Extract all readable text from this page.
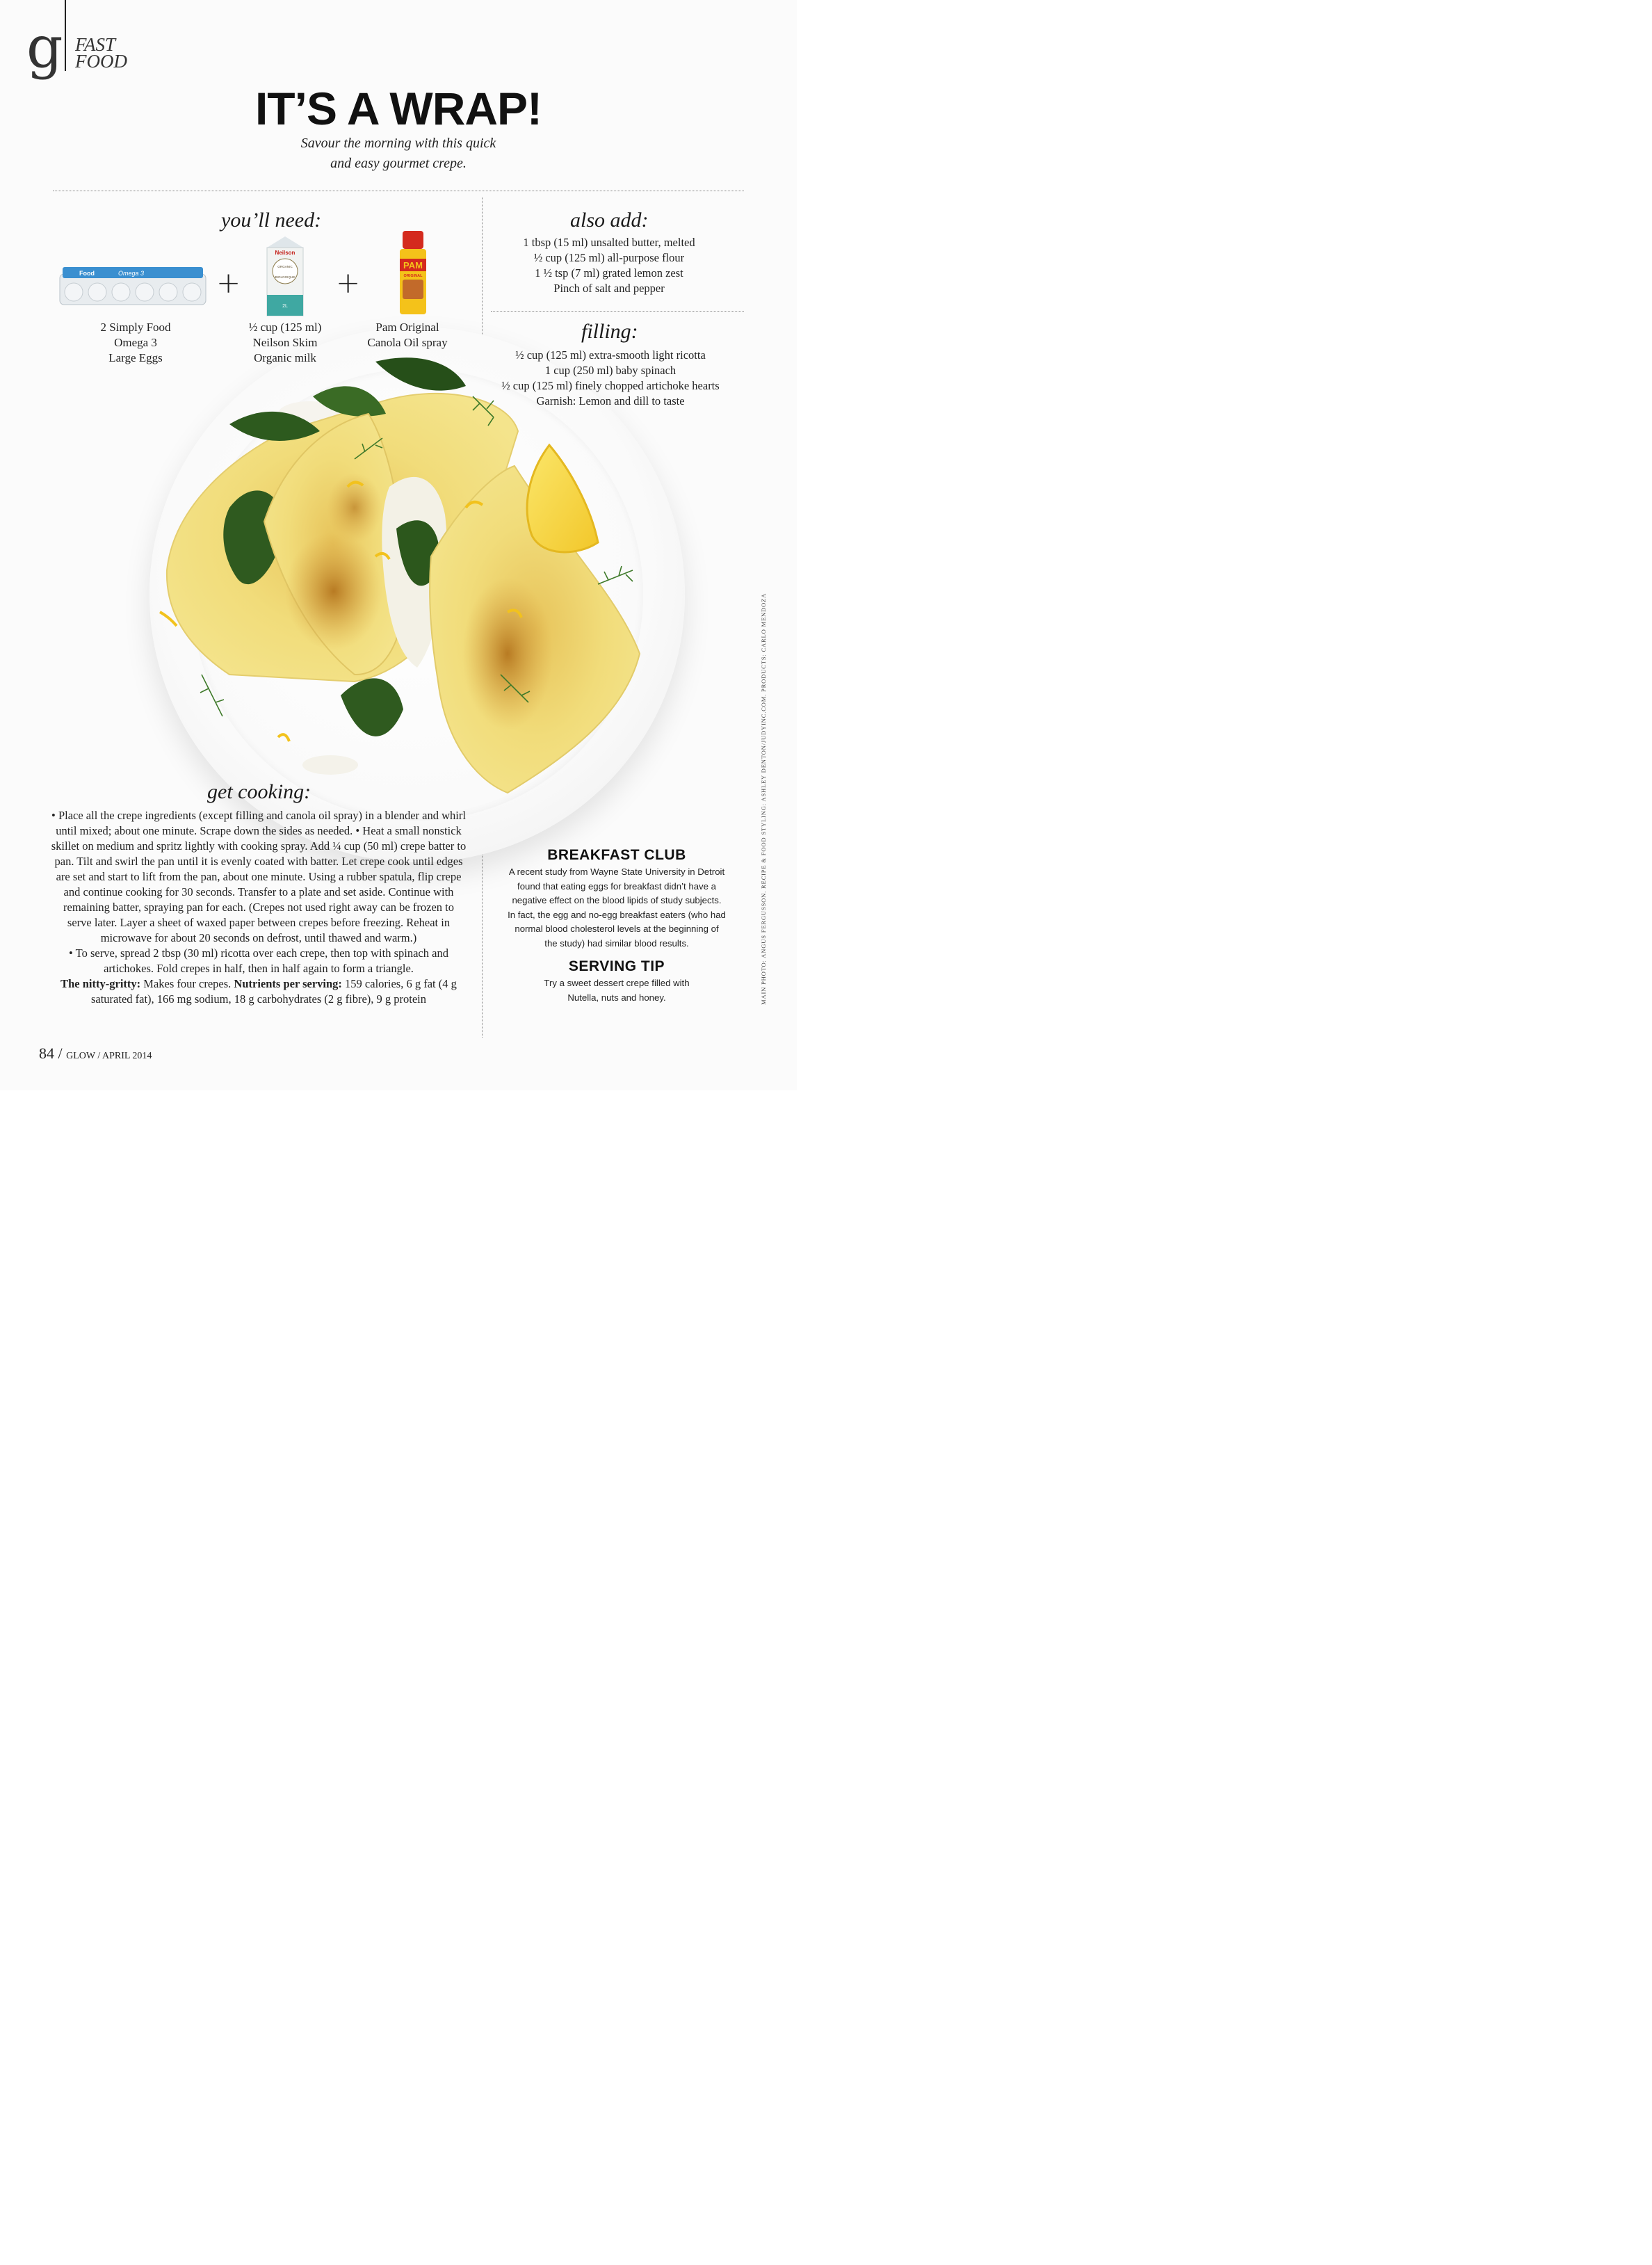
g FAST
FOOD
IT’S A WRAP!
Savour the morning with this quick
and easy gourmet crepe.
you’ll need:
Food	Omega 3 +
Neilson
ORGANIC
BIOLOGIQUE
2L
+
PAM
ORIGINAL
2 Simply Food
Omega 3
Large Eggs
½ cup (125 ml)
Neilson Skim
Organic milk
Pam Original
Canola Oil spray
also add:
1 tbsp (15 ml) unsalted butter, melted
½ cup (125 ml) all-purpose flour
1 ½ tsp (7 ml) grated lemon zest
Pinch of salt and pepper
filling:
½ cup (125 ml) extra-smooth light ricotta
1 cup (250 ml) baby spinach
½ cup (125 ml) finely chopped artichoke hearts
Garnish: Lemon and dill to taste
get cooking:

• Place all the crepe ingredients (except filling and canola oil spray) in a blender and whirl until mixed; about one minute. Scrape down the sides as needed. • Heat a small nonstick skillet on medium and spritz lightly with cooking spray. Add ¼ cup (50 ml) crepe batter to pan. Tilt and swirl the pan until it is evenly coated with batter. Let crepe cook until edges are set and start to lift from the pan, about one minute. Using a rubber spatula, flip crepe and continue cooking for 30 seconds. Transfer to a plate and set aside. Continue with remaining batter, spraying pan for each. (Crepes not used right away can be frozen to serve later. Layer a sheet of waxed paper between crepes before freezing. Reheat in microwave for about 20 seconds on defrost, until thawed and warm.)

• To serve, spread 2 tbsp (30 ml) ricotta over each crepe, then top with spinach and artichokes. Fold crepes in half, then in half again to form a triangle.

The nitty-gritty: Makes four crepes. Nutrients per serving: 159 calories, 6 g fat (4 g saturated fat), 166 mg sodium, 18 g carbohydrates (2 g fibre), 9 g protein

BREAKFAST CLUB
A recent study from Wayne State University in Detroit found that eating eggs for breakfast didn’t have a negative effect on the blood lipids of study subjects. In fact, the egg and no-egg breakfast eaters (who had normal blood cholesterol levels at the beginning of the study) had similar blood results.
SERVING TIP
Try a sweet dessert crepe filled with Nutella, nuts and honey.	MAIN PHOTO: ANGUS FERGUSSON. RECIPE & FOOD STYLING: ASHLEY DENTON/JUDYINC.COM. PRODUCTS: CARLO MENDOZA
84 / GLOW / APRIL 2014
